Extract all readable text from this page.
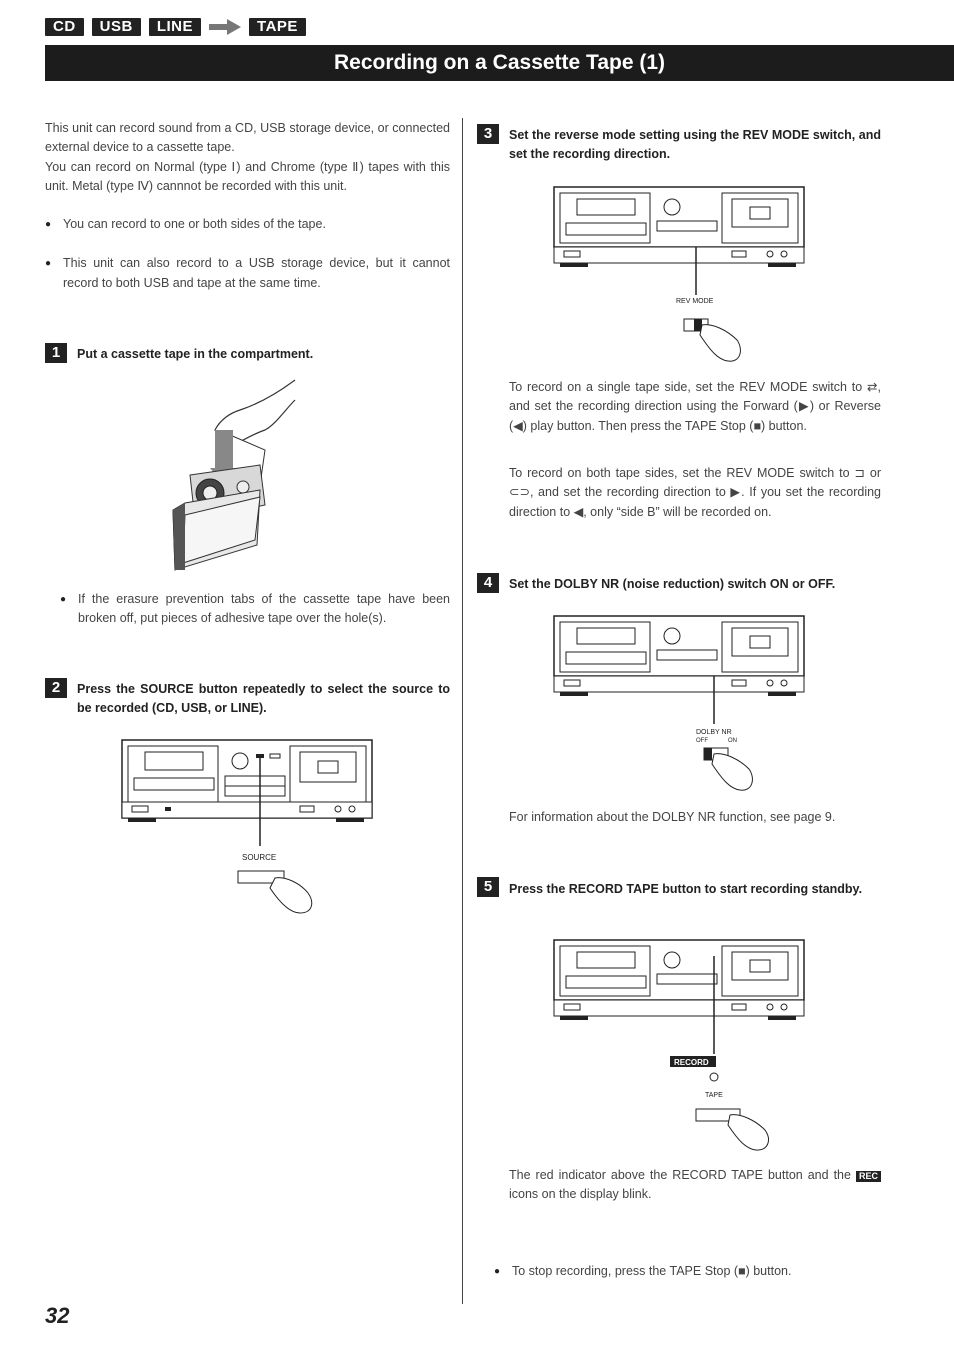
CD	USB	LINE	TAPE
Recording on a Cassette Tape (1)

This unit can record sound from a CD, USB storage device, or connected external device to a cassette tape.

You can record on Normal (type Ⅰ) and Chrome (type Ⅱ) tapes with this unit. Metal (type Ⅳ) cannnot be recorded with this unit.

● You can record to one or both sides of the tape.

● This unit can also record to a USB storage device, but it cannot record to both USB and tape at the same time.

1	Put a cassette tape in the compartment.

● If the erasure prevention tabs of the cassette tape have been broken off, put pieces of adhesive tape over the hole(s).

2	Press the SOURCE button repeatedly to select the source to be recorded (CD, USB, or LINE).
SOURCE
3	Set the reverse mode setting using the REV MODE switch, and set the recording direction.
REV MODE

To record on a single tape side, set the REV MODE switch to ⇄, and set the recording direction using the Forward (▶) or Reverse (◀) play button. Then press the TAPE Stop (■) button.

To record on both tape sides, set the REV MODE switch to ⊐ or ⊂⊃, and set the recording direction to ▶. If you set the recording direction to ◀, only “side B” will be recorded on.

4	Set the DOLBY NR (noise reduction) switch ON or OFF.
DOLBY NR
OFF	ON

For information about the DOLBY NR function, see page 9.

5	Press the RECORD TAPE button to start recording standby.
RECORD
TAPE

The red indicator above the RECORD TAPE button and the REC icons on the display blink.

● To stop recording, press the TAPE Stop (■) button.

32
